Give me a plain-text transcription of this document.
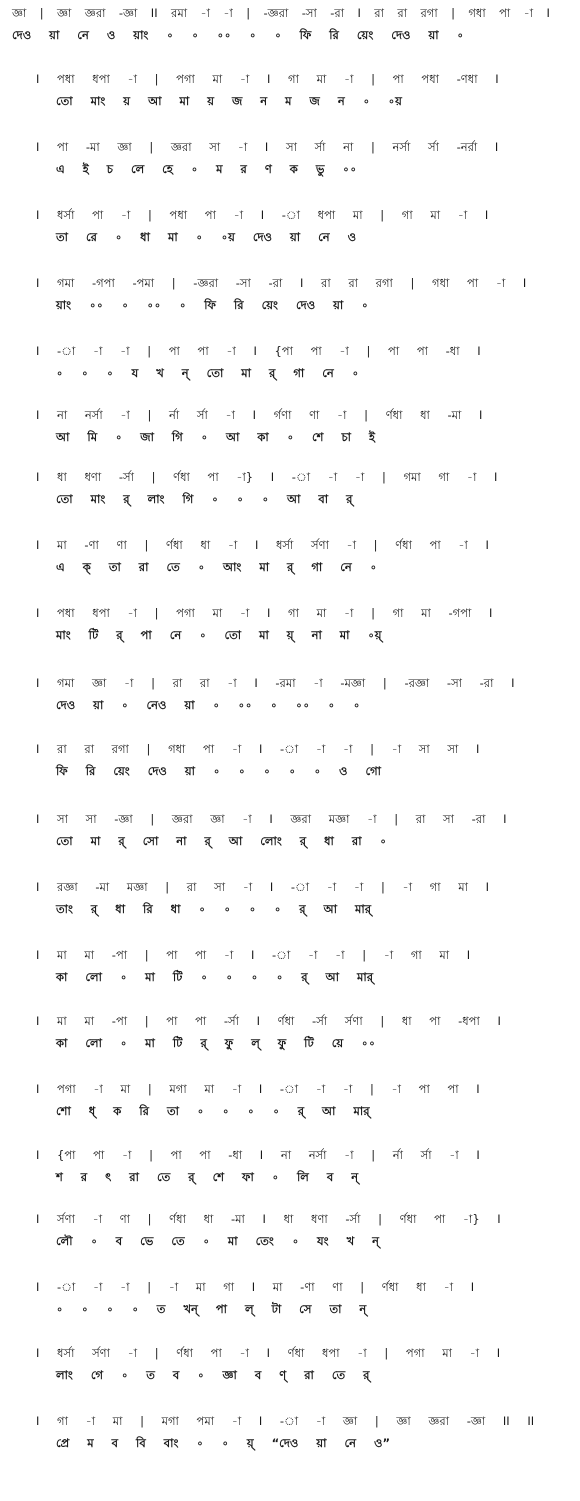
জ্ঞা | জ্ঞা জ্ঞরা -জ্ঞা II রমা -া -া | -জ্ঞরা -সা -রা I রা রা রগা | গধা পা -া I
দেও য়া নে ও য়াং ∘ ∘ ∘∘ ∘ ∘ ফি রি য়েং দেও য়া ∘
I পধা ধপা -া | পগা মা -া I গা মা -া | পা পধা -ণধা I
তো মাং য় আ মা য় জ ন ম জ ন ∘ ∘য়
I পা -মা জ্ঞা | জ্ঞরা সা -া I সা র্সা না | নর্সা র্সা -নর্রা I
এ ই চ লে হে ∘ ম র ণ ক ভু ∘∘
I ধর্সা পা -া | পধা পা -া I -া ধপা মা | গা মা -া I
তা রে ∘ ধা মা ∘ ∘য় দেও য়া নে ও
I গমা -গপা -পমা | -জ্ঞরা -সা -রা I রা রা রগা | গধা পা -া I
য়াং ∘∘ ∘ ∘∘ ∘ ফি রি য়েং দেও য়া ∘
I -া -া -া | পা পা -া I {পা পা -া | পা পা -ধা I
∘ ∘ ∘ য খ ন্‌ তো মা র্‌ গা নে ∘
I না নর্সা -া | র্না র্সা -া I র্গণা ণা -া | র্ণধা ধা -মা I
আ মি ∘ জা গি ∘ আ কা ∘ শে চা ই
I ধা ধণা -র্সা | র্ণধা পা -া} I -া -া -া | গমা গা -া I
তো মাং র্‌ লাং গি ∘ ∘ ∘ আ বা র্‌
I মা -ণা ণা | র্ণধা ধা -া I ধর্সা র্সণা -া | র্ণধা পা -া I
এ ক্‌ তা রা তে ∘ আং মা র্‌ গা নে ∘
I পধা ধপা -া | পগা মা -া I গা মা -া | গা মা -গপা I
মাং টি র্‌ পা নে ∘ তো মা য়্‌ না মা ∘য়্‌
I গমা জ্ঞা -া | রা রা -া I -রমা -া -মজ্ঞা | -রজ্ঞা -সা -রা I
দেও য়া ∘ নেও য়া ∘ ∘∘ ∘ ∘∘ ∘ ∘
I রা রা রগা | গধা পা -া I -া -া -া | -া সা সা I
ফি রি য়েং দেও য়া ∘ ∘ ∘ ∘ ∘ ও গো
I সা সা -জ্ঞা | জ্ঞরা জ্ঞা -া I জ্ঞরা মজ্ঞা -া | রা সা -রা I
তো মা র্‌ সো না র্‌ আ লোং র্‌ ধা রা ∘
I রজ্ঞা -মা মজ্ঞা | রা সা -া I -া -া -া | -া গা মা I
তাং র্‌ ধা রি ধা ∘ ∘ ∘ ∘ র্‌ আ মার্‌
I মা মা -পা | পা পা -া I -া -া -া | -া গা মা I
কা লো ∘ মা টি ∘ ∘ ∘ ∘ র্‌ আ মার্‌
I মা মা -পা | পা পা -র্সা I র্ণধা -র্সা র্সণা | ধা পা -ধপা I
কা লো ∘ মা টি র্‌ ফু ল্‌ ফু টি য়ে ∘∘
I পগা -া মা | মগা মা -া I -া -া -া | -া পা পা I
শো ধ্‌ ক রি তা ∘ ∘ ∘ ∘ র্‌ আ মার্‌
I {পা পা -া | পা পা -ধা I না নর্সা -া | র্না র্সা -া I
শ র ৎ রা তে র্‌ শে ফা ∘ লি ব ন্‌
I র্সণা -া ণা | র্ণধা ধা -মা I ধা ধণা -র্সা | র্ণধা পা -া} I
লৌ ∘ ব ভে তে ∘ মা তেং ∘ যং খ ন্‌
I -া -া -া | -া মা গা I মা -ণা ণা | র্ণধা ধা -া I
∘ ∘ ∘ ∘ ত খন্‌ পা ল্‌ টা সে তা ন্‌
I ধর্সা র্সণা -া | র্ণধা পা -া I র্ণধা ধপা -া | পগা মা -া I
লাং গে ∘ ত ব ∘ জ্ঞা ব ণ্‌ রা তে র্‌
I গা -া মা | মগা পমা -া I -া -া জ্ঞা | জ্ঞা জ্ঞরা -জ্ঞা II II
প্রে ম ব বি বাং ∘ ∘ য়্‌ “দেও য়া নে ও”
